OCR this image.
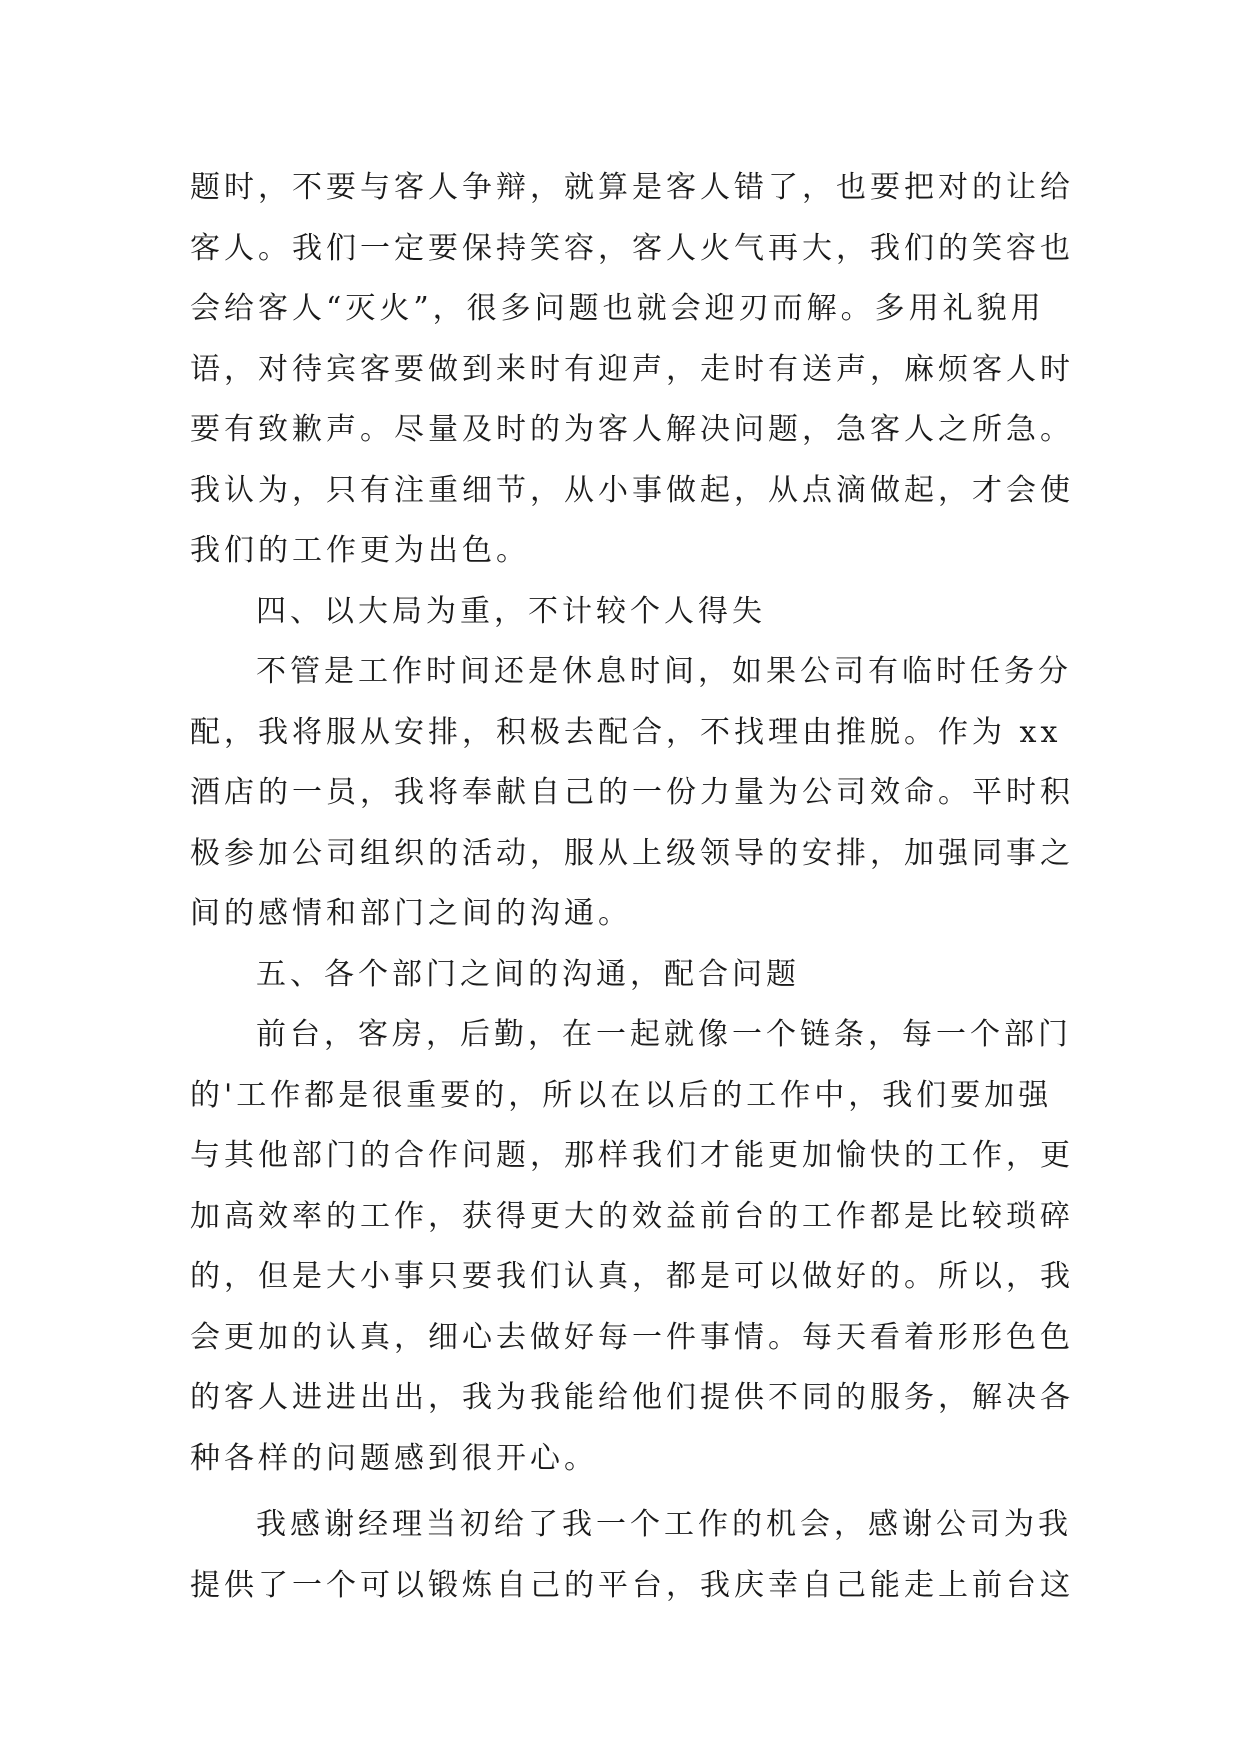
题时，不要与客人争辩，就算是客人错了，也要把对的让给
客人。我们一定要保持笑容，客人火气再大，我们的笑容也
会给客人“灭火”，很多问题也就会迎刃而解。多用礼貌用
语，对待宾客要做到来时有迎声，走时有送声，麻烦客人时
要有致歉声。尽量及时的为客人解决问题，急客人之所急。
我认为，只有注重细节，从小事做起，从点滴做起，才会使
我们的工作更为出色。
四、以大局为重，不计较个人得失
不管是工作时间还是休息时间，如果公司有临时任务分
配，我将服从安排，积极去配合，不找理由推脱。作为 xx
酒店的一员，我将奉献自己的一份力量为公司效命。平时积
极参加公司组织的活动，服从上级领导的安排，加强同事之
间的感情和部门之间的沟通。
五、各个部门之间的沟通，配合问题
前台，客房，后勤，在一起就像一个链条，每一个部门
的'工作都是很重要的，所以在以后的工作中，我们要加强
与其他部门的合作问题，那样我们才能更加愉快的工作，更
加高效率的工作，获得更大的效益前台的工作都是比较琐碎
的，但是大小事只要我们认真，都是可以做好的。所以，我
会更加的认真，细心去做好每一件事情。每天看着形形色色
的客人进进出出，我为我能给他们提供不同的服务，解决各
种各样的问题感到很开心。
我感谢经理当初给了我一个工作的机会，感谢公司为我
提供了一个可以锻炼自己的平台，我庆幸自己能走上前台这
